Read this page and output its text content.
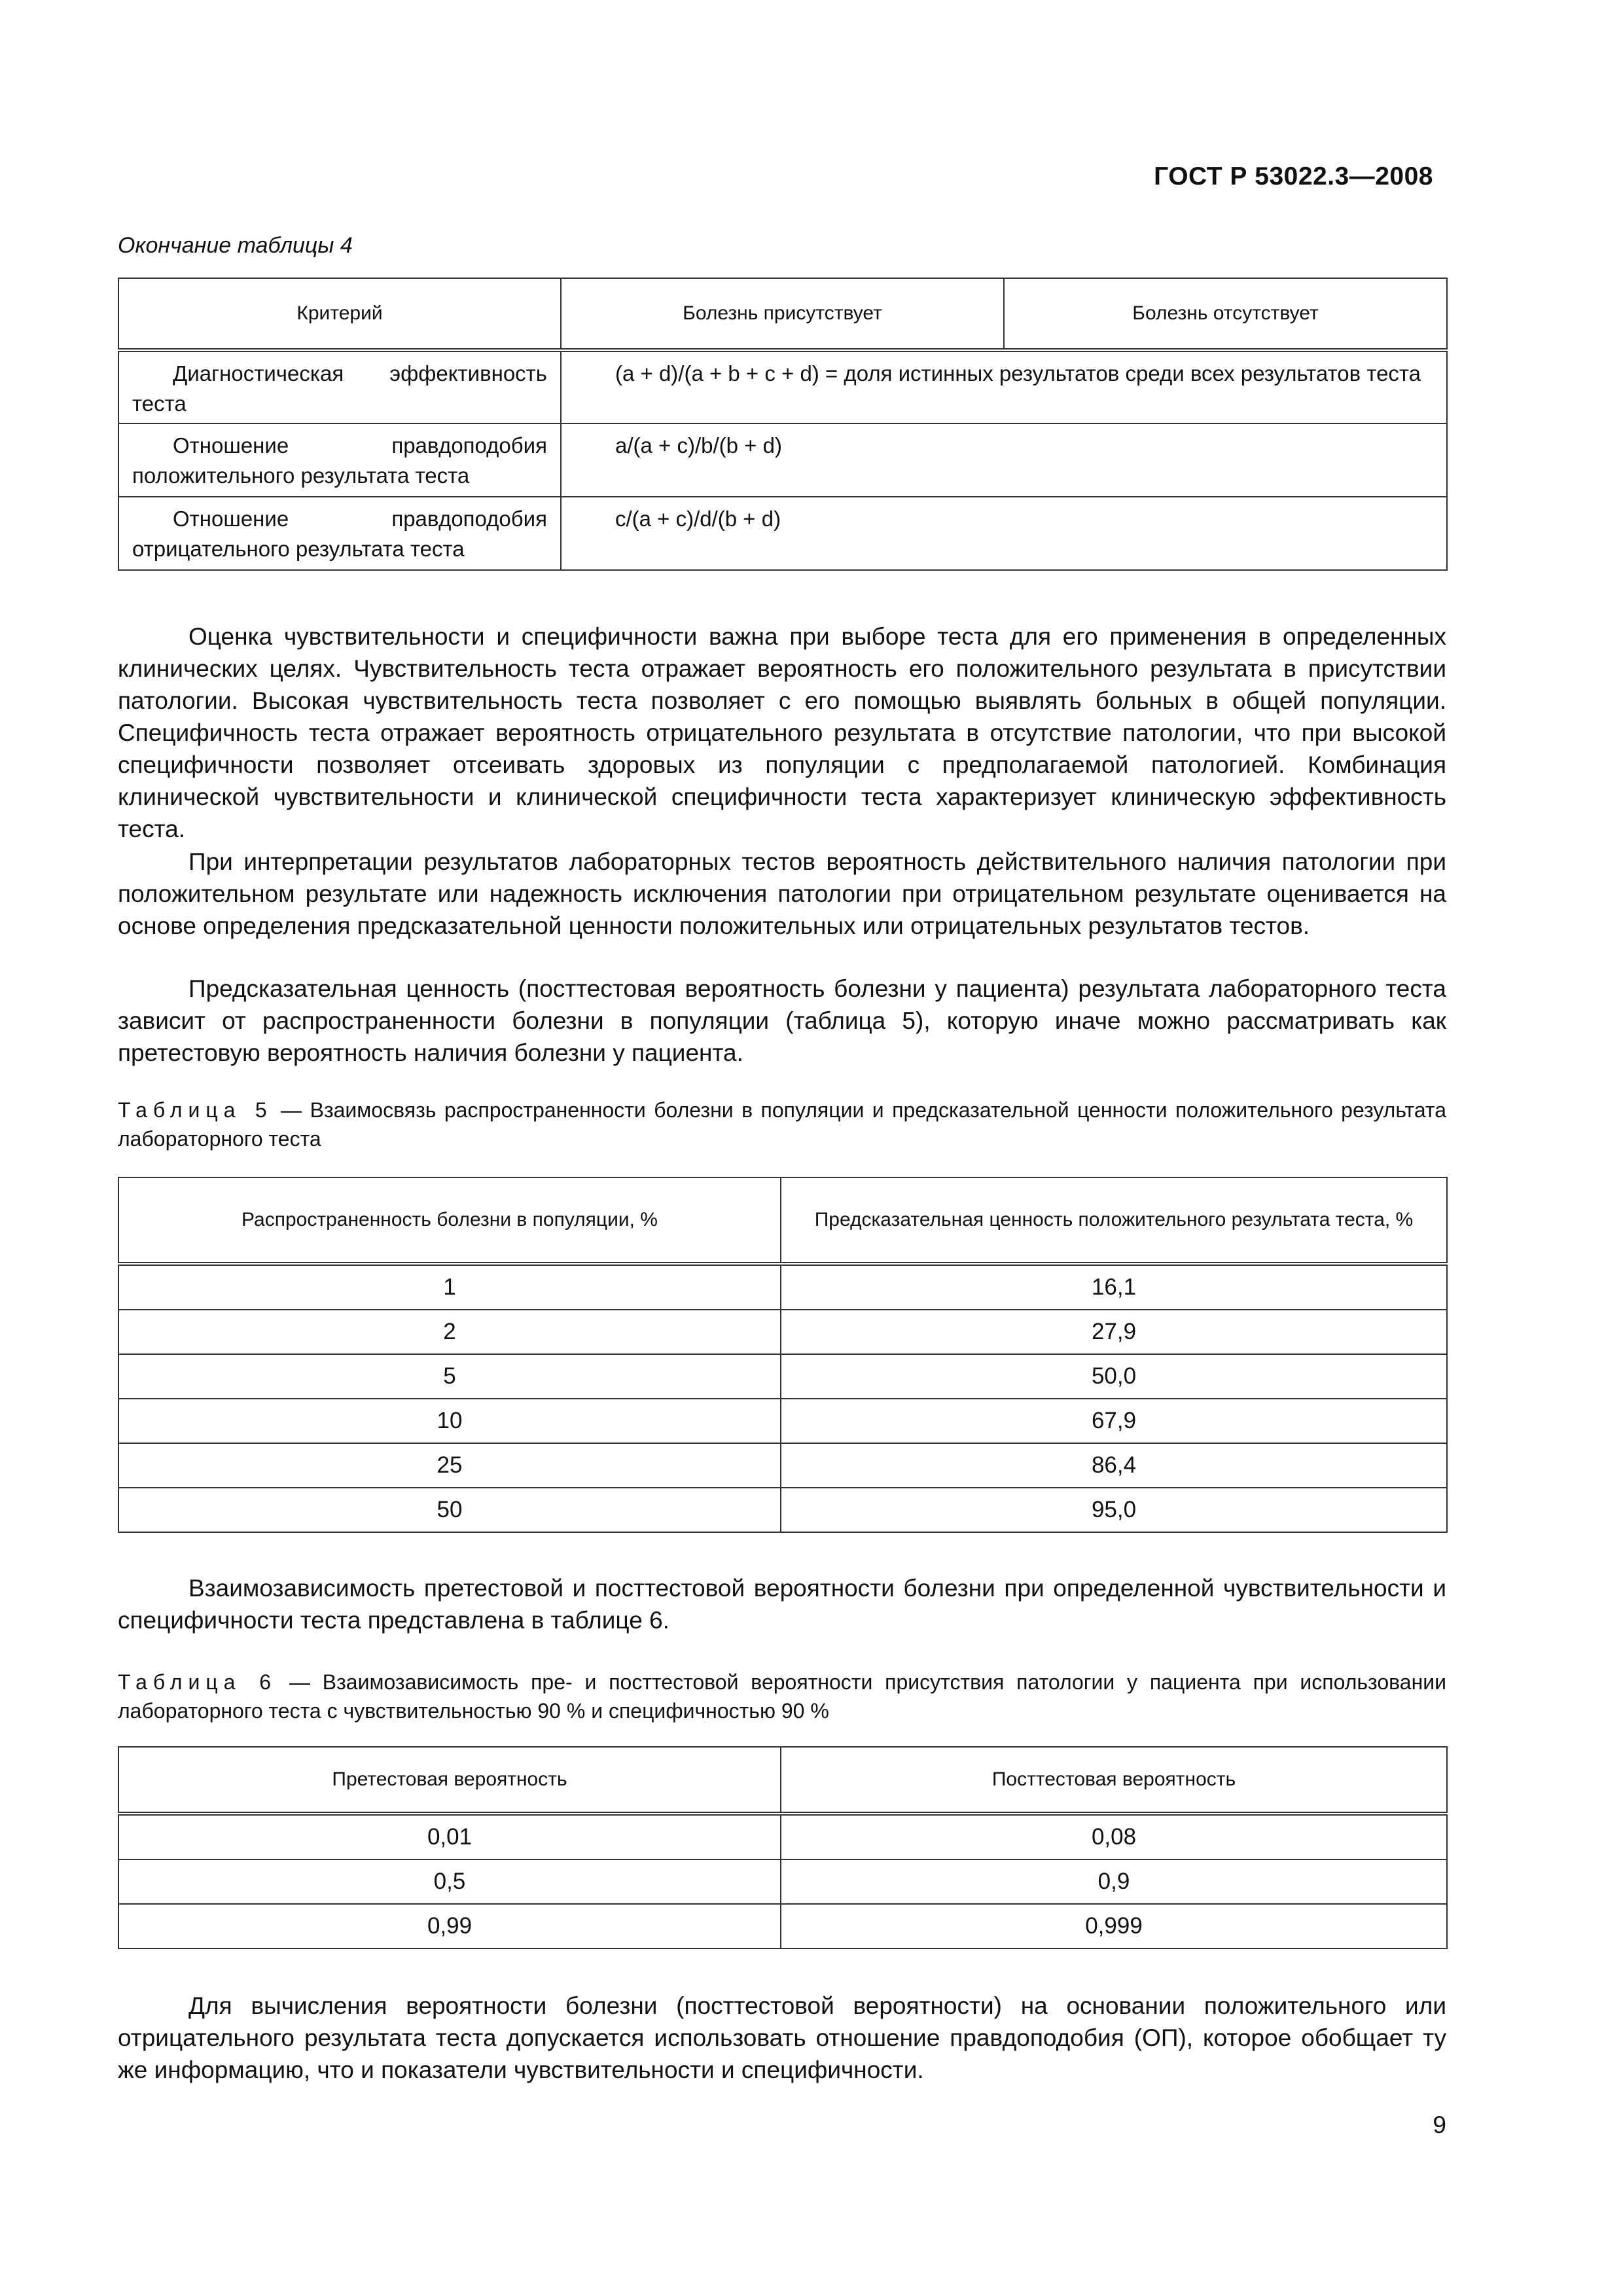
ГОСТ Р 53022.3—2008
Окончание таблицы 4
Критерий	Болезнь присутствует	Болезнь отсутствует
Диагностическая эффективность теста	(a + d)/(a + b + c + d) = доля истинных результатов среди всех результатов теста	
Отношение правдоподобия положительного результата теста	a/(a + c)/b/(b + d)	
Отношение правдоподобия отрицательного результата теста	c/(a + c)/d/(b + d)	

Оценка чувствительности и специфичности важна при выборе теста для его применения в определенных клинических целях. Чувствительность теста отражает вероятность его положительного результата в присутствии патологии. Высокая чувствительность теста позволяет с его помощью выявлять больных в общей популяции. Специфичность теста отражает вероятность отрицательного результата в отсутствие патологии, что при высокой специфичности позволяет отсеивать здоровых из популяции с предполагаемой патологией. Комбинация клинической чувствительности и клинической специфичности теста характеризует клиническую эффективность теста.

При интерпретации результатов лабораторных тестов вероятность действительного наличия патологии при положительном результате или надежность исключения патологии при отрицательном результате оценивается на основе определения предсказательной ценности положительных или отрицательных результатов тестов.

Предсказательная ценность (посттестовая вероятность болезни у пациента) результата лабораторного теста зависит от распространенности болезни в популяции (таблица 5), которую иначе можно рассматривать как претестовую вероятность наличия болезни у пациента.

Таблица 5 — Взаимосвязь распространенности болезни в популяции и предсказательной ценности положительного результата лабораторного теста

Распространенность болезни в популяции, %	Предсказательная ценность положительного результата теста, %
1	16,1
2	27,9
5	50,0
10	67,9
25	86,4
50	95,0

Взаимозависимость претестовой и посттестовой вероятности болезни при определенной чувствительности и специфичности теста представлена в таблице 6.

Таблица 6 — Взаимозависимость пре- и посттестовой вероятности присутствия патологии у пациента при использовании лабораторного теста с чувствительностью 90 % и специфичностью 90 %

Претестовая вероятность	Посттестовая вероятность
0,01	0,08
0,5	0,9
0,99	0,999

Для вычисления вероятности болезни (посттестовой вероятности) на основании положительного или отрицательного результата теста допускается использовать отношение правдоподобия (ОП), которое обобщает ту же информацию, что и показатели чувствительности и специфичности.

9
